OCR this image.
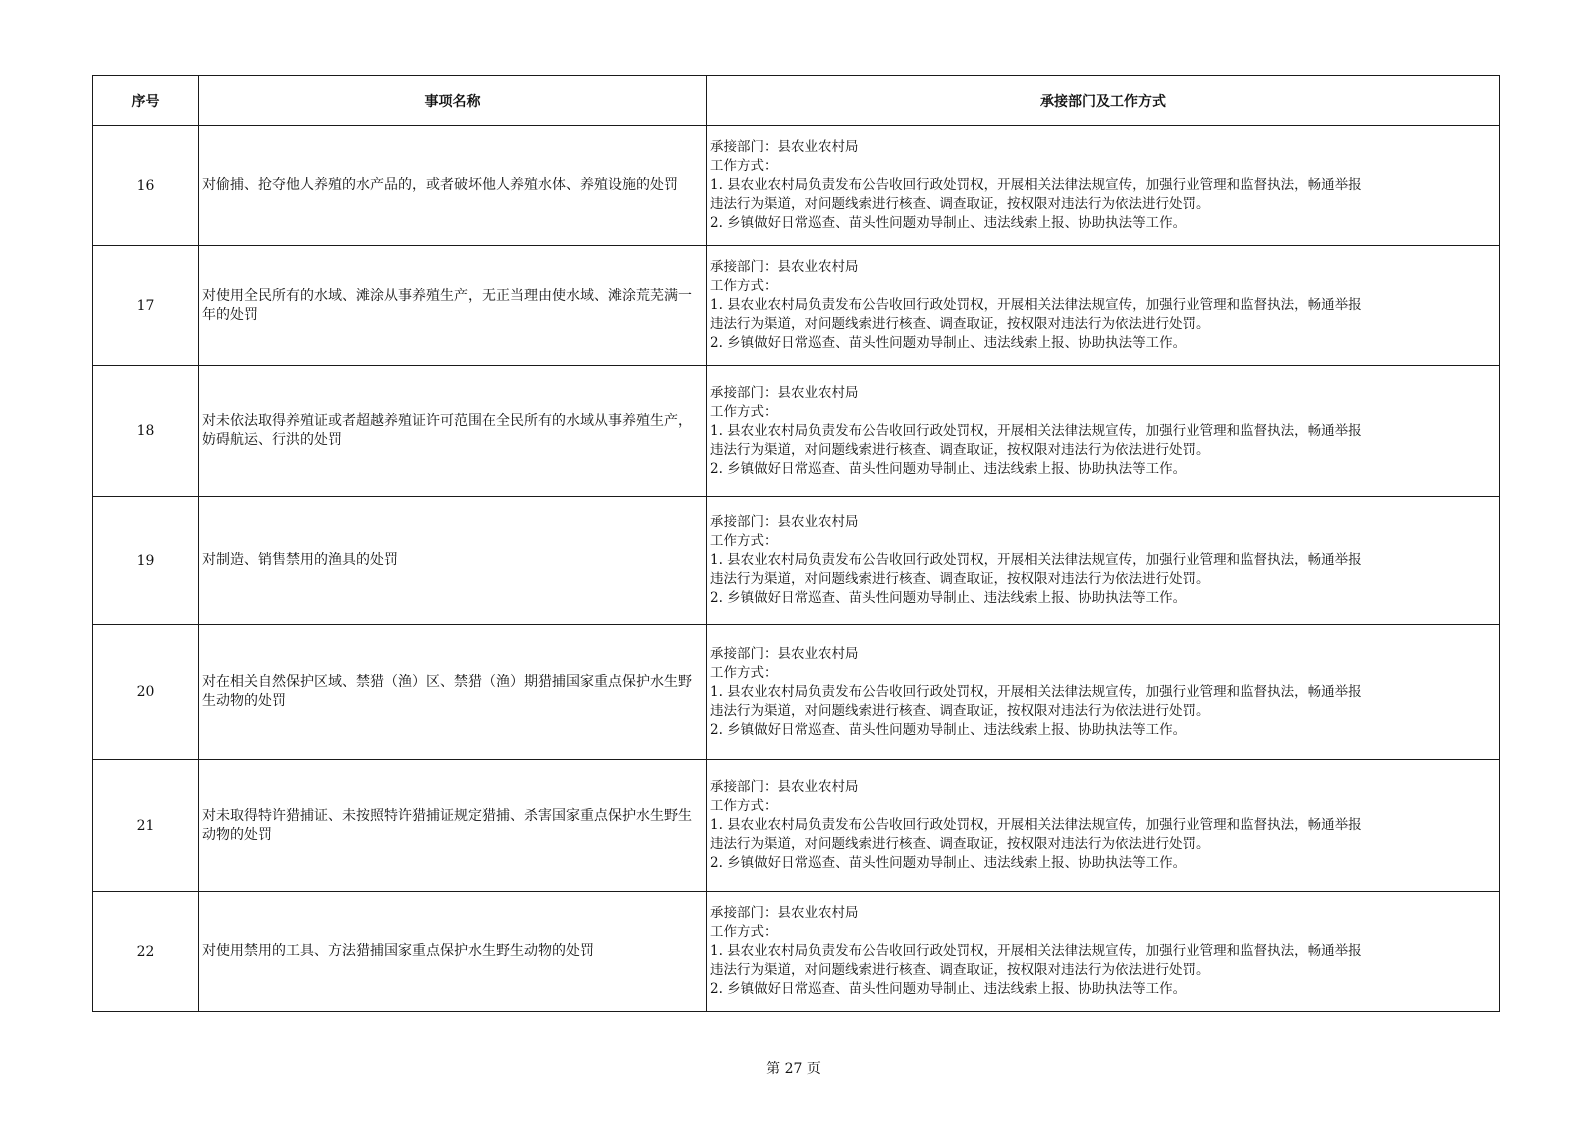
序号	事项名称	承接部门及工作方式
16	对偷捕、抢夺他人养殖的水产品的，或者破坏他人养殖水体、养殖设施的处罚	承接部门：县农业农村局
工作方式：
1. 县农业农村局负责发布公告收回行政处罚权，开展相关法律法规宣传，加强行业管理和监督执法，畅通举报
违法行为渠道，对问题线索进行核查、调查取证，按权限对违法行为依法进行处罚。
2. 乡镇做好日常巡查、苗头性问题劝导制止、违法线索上报、协助执法等工作。

17	对使用全民所有的水域、滩涂从事养殖生产，无正当理由使水域、滩涂荒芜满一年的处罚	承接部门：县农业农村局
工作方式：
1. 县农业农村局负责发布公告收回行政处罚权，开展相关法律法规宣传，加强行业管理和监督执法，畅通举报
违法行为渠道，对问题线索进行核查、调查取证，按权限对违法行为依法进行处罚。
2. 乡镇做好日常巡查、苗头性问题劝导制止、违法线索上报、协助执法等工作。

18	对未依法取得养殖证或者超越养殖证许可范围在全民所有的水域从事养殖生产，妨碍航运、行洪的处罚	承接部门：县农业农村局
工作方式：
1. 县农业农村局负责发布公告收回行政处罚权，开展相关法律法规宣传，加强行业管理和监督执法，畅通举报
违法行为渠道，对问题线索进行核查、调查取证，按权限对违法行为依法进行处罚。
2. 乡镇做好日常巡查、苗头性问题劝导制止、违法线索上报、协助执法等工作。

19	对制造、销售禁用的渔具的处罚	承接部门：县农业农村局
工作方式：
1. 县农业农村局负责发布公告收回行政处罚权，开展相关法律法规宣传，加强行业管理和监督执法，畅通举报
违法行为渠道，对问题线索进行核查、调查取证，按权限对违法行为依法进行处罚。
2. 乡镇做好日常巡查、苗头性问题劝导制止、违法线索上报、协助执法等工作。

20	对在相关自然保护区域、禁猎（渔）区、禁猎（渔）期猎捕国家重点保护水生野生动物的处罚	承接部门：县农业农村局
工作方式：
1. 县农业农村局负责发布公告收回行政处罚权，开展相关法律法规宣传，加强行业管理和监督执法，畅通举报
违法行为渠道，对问题线索进行核查、调查取证，按权限对违法行为依法进行处罚。
2. 乡镇做好日常巡查、苗头性问题劝导制止、违法线索上报、协助执法等工作。

21	对未取得特许猎捕证、未按照特许猎捕证规定猎捕、杀害国家重点保护水生野生动物的处罚	承接部门：县农业农村局
工作方式：
1. 县农业农村局负责发布公告收回行政处罚权，开展相关法律法规宣传，加强行业管理和监督执法，畅通举报
违法行为渠道，对问题线索进行核查、调查取证，按权限对违法行为依法进行处罚。
2. 乡镇做好日常巡查、苗头性问题劝导制止、违法线索上报、协助执法等工作。

22	对使用禁用的工具、方法猎捕国家重点保护水生野生动物的处罚	承接部门：县农业农村局
工作方式：
1. 县农业农村局负责发布公告收回行政处罚权，开展相关法律法规宣传，加强行业管理和监督执法，畅通举报
违法行为渠道，对问题线索进行核查、调查取证，按权限对违法行为依法进行处罚。
2. 乡镇做好日常巡查、苗头性问题劝导制止、违法线索上报、协助执法等工作。
第 27 页
